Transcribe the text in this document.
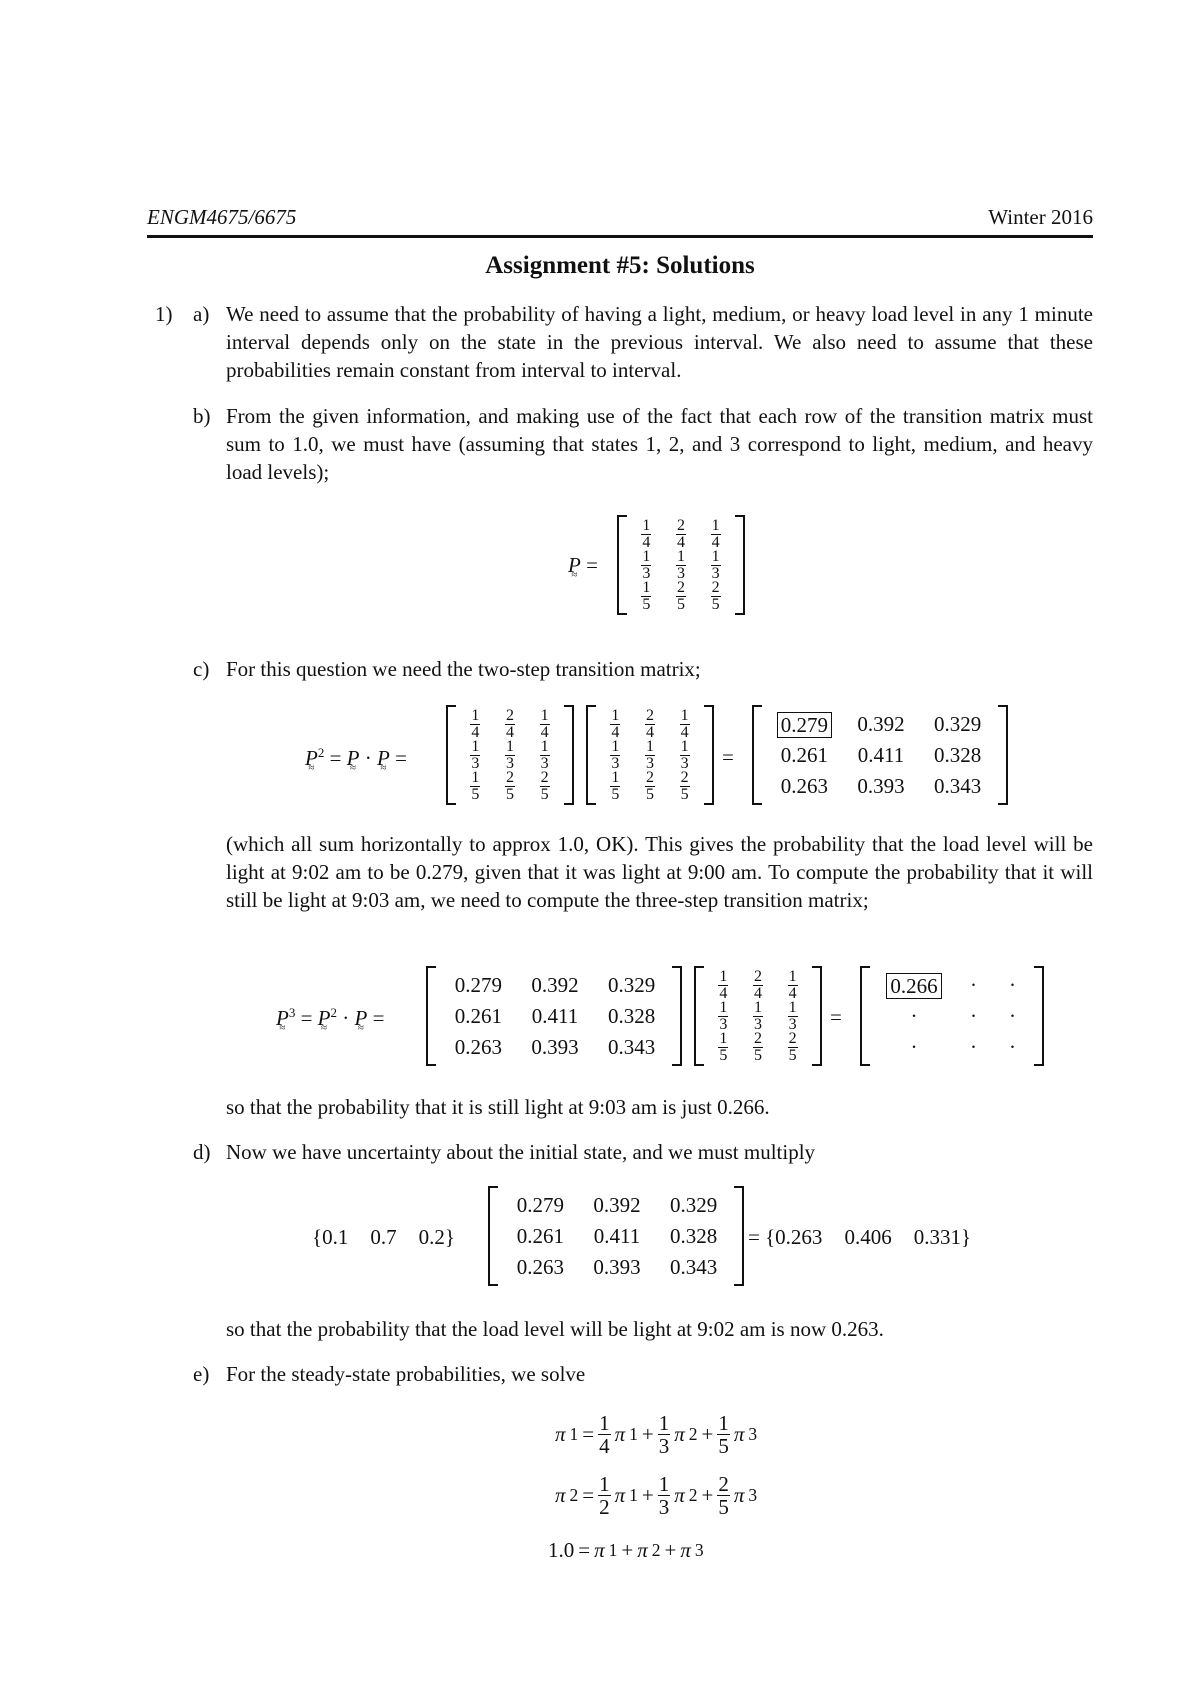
ENGM4675/6675	Winter 2016
Assignment #5: Solutions
1) a) We need to assume that the probability of having a light, medium, or heavy load level in any 1 minute interval depends only on the state in the previous interval. We also need to assume that these probabilities remain constant from interval to interval.
b) From the given information, and making use of the fact that each row of the transition matrix must sum to 1.0, we must have (assuming that states 1, 2, and 3 correspond to light, medium, and heavy load levels);
P ≈ =
$\frac{1}{4} \frac{2}{4} \frac{1}{4}$
$\frac{1}{3} \frac{1}{3} \frac{1}{3}$
$\frac{1}{5} \frac{2}{5} \frac{2}{5}$
c) For this question we need the two-step transition matrix;
P ≈$^2$ = P ≈ · P ≈ =
$\frac{1}{4} \frac{2}{4} \frac{1}{4}$
$\frac{1}{3} \frac{1}{3} \frac{1}{3}$
$\frac{1}{5} \frac{2}{5} \frac{2}{5}$
$\frac{1}{4} \frac{2}{4} \frac{1}{4}$
$\frac{1}{3} \frac{1}{3} \frac{1}{3}$
$\frac{1}{5} \frac{2}{5} \frac{2}{5}$
=
0.279 0.392 0.329
0.261 0.411 0.328
0.263 0.393 0.343
(which all sum horizontally to approx 1.0, OK). This gives the probability that the load level will be light at 9:02 am to be 0.279, given that it was light at 9:00 am. To compute the probability that it will still be light at 9:03 am, we need to compute the three-step transition matrix;
P ≈$^3$ = P ≈$^2$ · P ≈ =
0.279 0.392 0.329
0.261 0.411 0.328
0.263 0.393 0.343
$\frac{1}{4} \frac{2}{4} \frac{1}{4}$
$\frac{1}{3} \frac{1}{3} \frac{1}{3}$
$\frac{1}{5} \frac{2}{5} \frac{2}{5}$
=
0.266 · ·
·	· ·
·	· ·
so that the probability that it is still light at 9:03 am is just 0.266.
d) Now we have uncertainty about the initial state, and we must multiply
{0.1 0.7 0.2}
0.279 0.392 0.329
0.261 0.411 0.328
0.263 0.393 0.343
= {0.263 0.406 0.331}
so that the probability that the load level will be light at 9:02 am is now 0.263.
e) For the steady-state probabilities, we solve
π $1 = \frac{1}{4}$ π $1 + \frac{1}{3}$ π $2 + \frac{1}{5}$ π 3
π $2 = \frac{1}{2}$ π $1 + \frac{1}{3}$ π $2 + \frac{2}{5}$ π 3
1.0 = π 1 + π 2 + π 3
